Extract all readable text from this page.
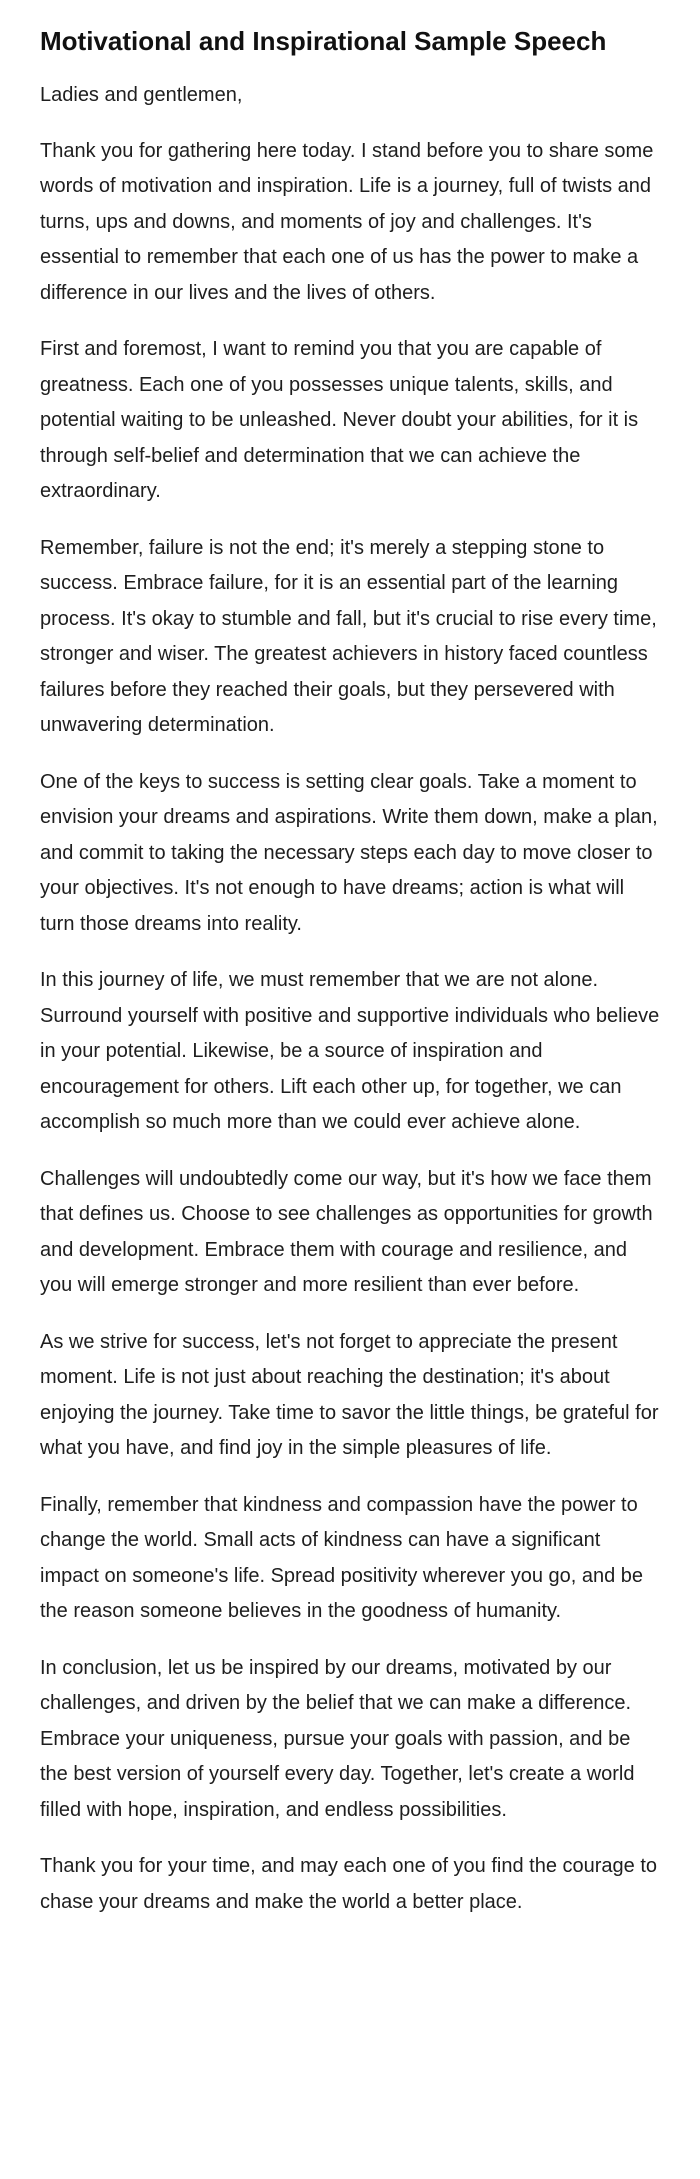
Motivational and Inspirational Sample Speech

Ladies and gentlemen,

Thank you for gathering here today. I stand before you to share some words of motivation and inspiration. Life is a journey, full of twists and turns, ups and downs, and moments of joy and challenges. It's essential to remember that each one of us has the power to make a difference in our lives and the lives of others.

First and foremost, I want to remind you that you are capable of greatness. Each one of you possesses unique talents, skills, and potential waiting to be unleashed. Never doubt your abilities, for it is through self-belief and determination that we can achieve the extraordinary.

Remember, failure is not the end; it's merely a stepping stone to success. Embrace failure, for it is an essential part of the learning process. It's okay to stumble and fall, but it's crucial to rise every time, stronger and wiser. The greatest achievers in history faced countless failures before they reached their goals, but they persevered with unwavering determination.

One of the keys to success is setting clear goals. Take a moment to envision your dreams and aspirations. Write them down, make a plan, and commit to taking the necessary steps each day to move closer to your objectives. It's not enough to have dreams; action is what will turn those dreams into reality.

In this journey of life, we must remember that we are not alone. Surround yourself with positive and supportive individuals who believe in your potential. Likewise, be a source of inspiration and encouragement for others. Lift each other up, for together, we can accomplish so much more than we could ever achieve alone.

Challenges will undoubtedly come our way, but it's how we face them that defines us. Choose to see challenges as opportunities for growth and development. Embrace them with courage and resilience, and you will emerge stronger and more resilient than ever before.

As we strive for success, let's not forget to appreciate the present moment. Life is not just about reaching the destination; it's about enjoying the journey. Take time to savor the little things, be grateful for what you have, and find joy in the simple pleasures of life.

Finally, remember that kindness and compassion have the power to change the world. Small acts of kindness can have a significant impact on someone's life. Spread positivity wherever you go, and be the reason someone believes in the goodness of humanity.

In conclusion, let us be inspired by our dreams, motivated by our challenges, and driven by the belief that we can make a difference. Embrace your uniqueness, pursue your goals with passion, and be the best version of yourself every day. Together, let's create a world filled with hope, inspiration, and endless possibilities.

Thank you for your time, and may each one of you find the courage to chase your dreams and make the world a better place.
